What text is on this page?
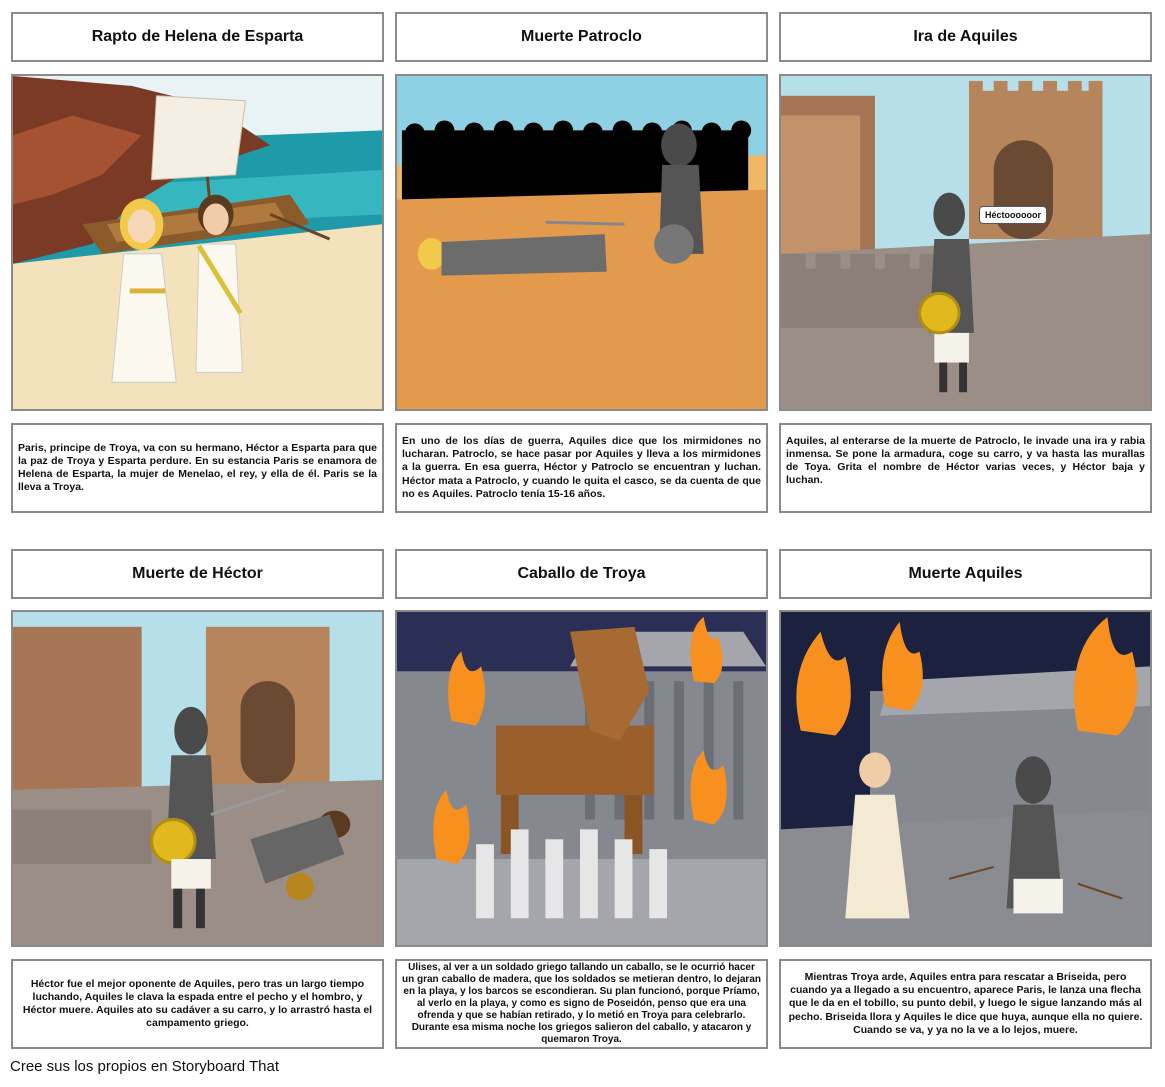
Rapto de Helena de Esparta	Muerte Patroclo	Ira de Aquiles
Héctoooooor
Paris, principe de Troya, va con su hermano, Héctor a Esparta para que la paz de Troya y Esparta perdure. En su estancia Paris se enamora de Helena de Esparta, la mujer de Menelao, el rey, y ella de él. Paris se la lleva a Troya.
En uno de los días de guerra, Aquiles dice que los mirmidones no lucharan. Patroclo, se hace pasar por Aquiles y lleva a los mirmidones a la guerra. En esa guerra, Héctor y Patroclo se encuentran y luchan. Héctor mata a Patroclo, y cuando le quita el casco, se da cuenta de que no es Aquiles. Patroclo tenía 15-16 años.
Aquiles, al enterarse de la muerte de Patroclo, le invade una ira y rabia inmensa. Se pone la armadura, coge su carro, y va hasta las murallas de Toya. Grita el nombre de Héctor varias veces, y Héctor baja y luchan.
Muerte de Héctor	Caballo de Troya	Muerte Aquiles
Héctor fue el mejor oponente de Aquiles, pero tras un largo tiempo luchando, Aquiles le clava la espada entre el pecho y el hombro, y Héctor muere. Aquiles ato su cadáver a su carro, y lo arrastró hasta el campamento griego.
Ulises, al ver a un soldado griego tallando un caballo, se le ocurrió hacer un gran caballo de madera, que los soldados se metieran dentro, lo dejaran en la playa, y los barcos se escondieran. Su plan funcionó, porque Príamo, al verlo en la playa, y como es signo de Poseidón, penso que era una ofrenda y que se habían retirado, y lo metió en Troya para celebrarlo. Durante esa misma noche los griegos salieron del caballo, y atacaron y quemaron Troya.
Mientras Troya arde, Aquiles entra para rescatar a Briseida, pero cuando ya a llegado a su encuentro, aparece Paris, le lanza una flecha que le da en el tobillo, su punto debil, y luego le sigue lanzando más al pecho. Briseida llora y Aquiles le dice que huya, aunque ella no quiere. Cuando se va, y ya no la ve a lo lejos, muere.
Cree sus los propios en Storyboard That
